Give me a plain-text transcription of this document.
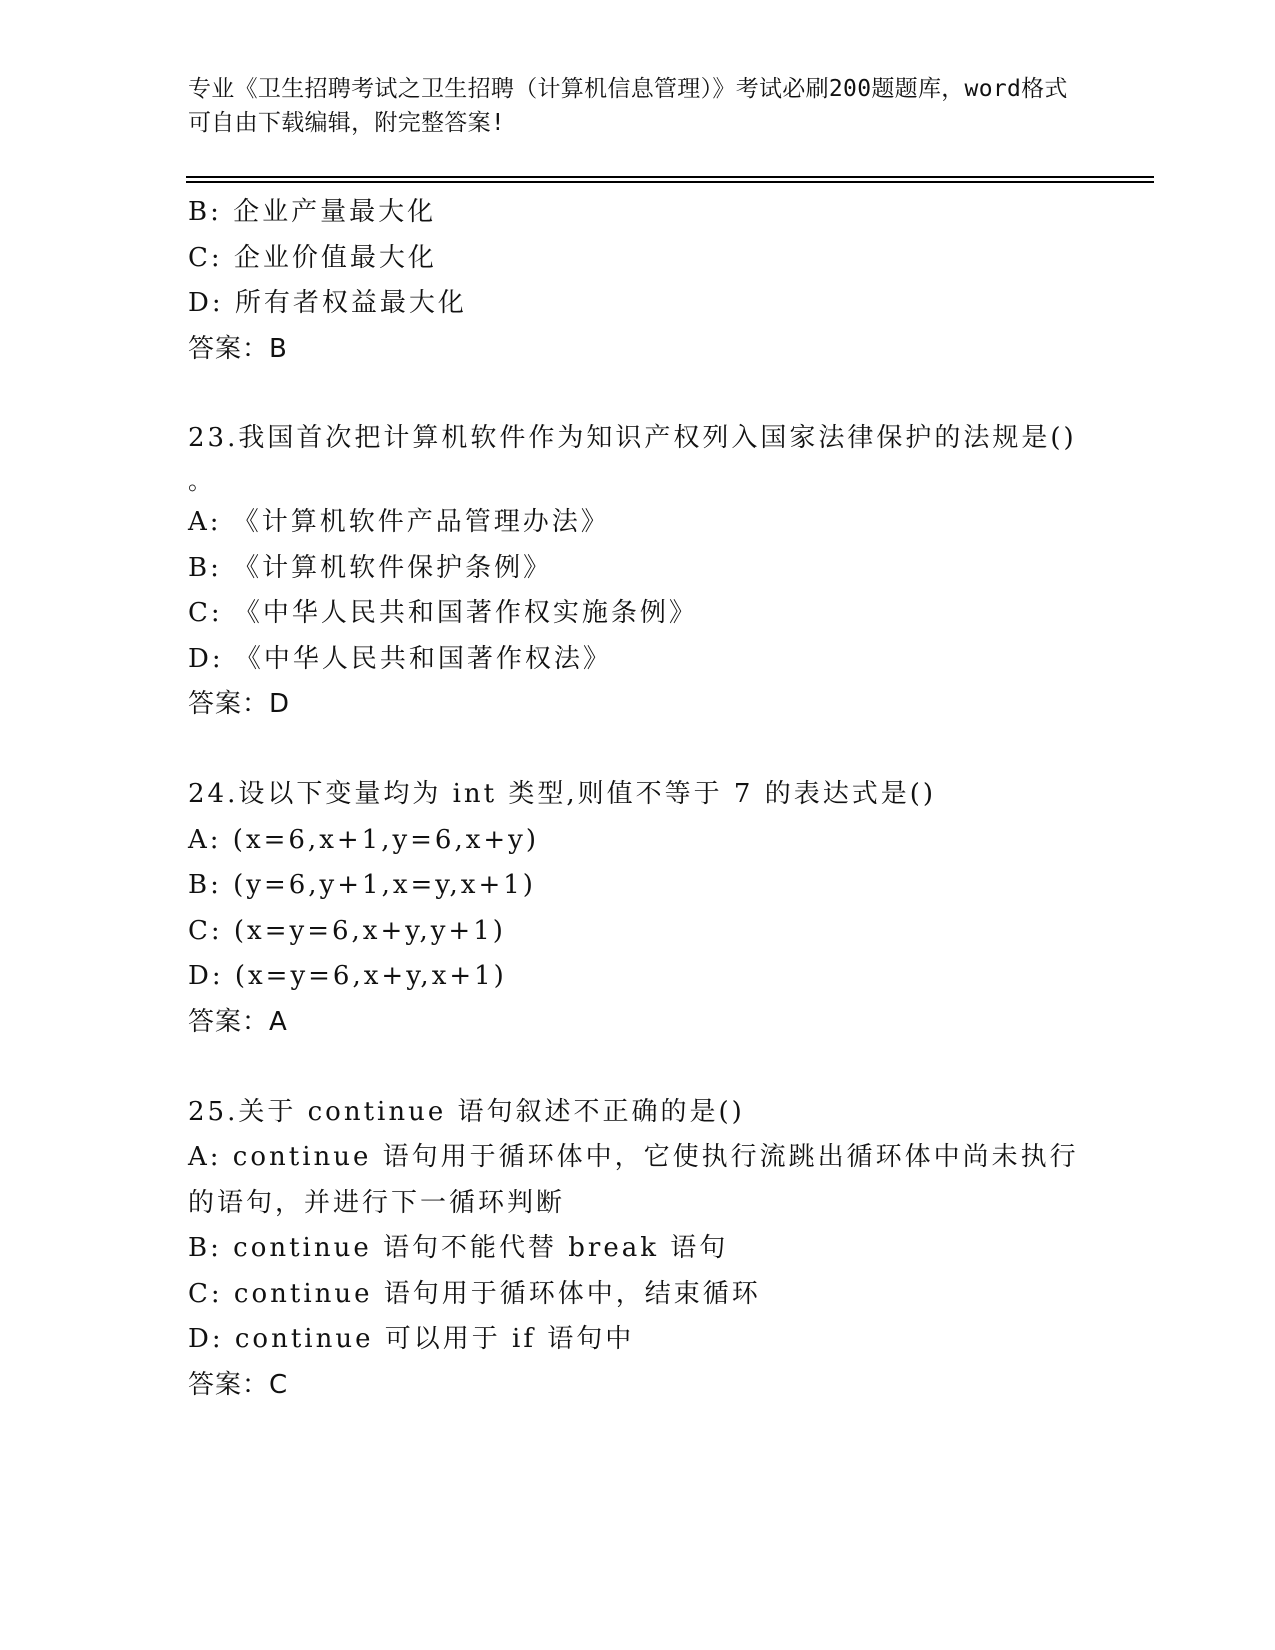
专业《卫生招聘考试之卫生招聘（计算机信息管理）》考试必刷200题题库，word格式可自由下载编辑，附完整答案!
B: 企业产量最大化
C: 企业价值最大化
D: 所有者权益最大化
答案：B
23.我国首次把计算机软件作为知识产权列入国家法律保护的法规是()
。
A: 《计算机软件产品管理办法》
B: 《计算机软件保护条例》
C: 《中华人民共和国著作权实施条例》
D: 《中华人民共和国著作权法》
答案：D
24.设以下变量均为 int 类型,则值不等于 7 的表达式是()
A: (x=6,x+1,y=6,x+y)
B: (y=6,y+1,x=y,x+1)
C: (x=y=6,x+y,y+1)
D: (x=y=6,x+y,x+1)
答案：A
25.关于 continue 语句叙述不正确的是()
A: continue 语句用于循环体中，它使执行流跳出循环体中尚未执行的语句，并进行下一循环判断
B: continue 语句不能代替 break 语句
C: continue 语句用于循环体中，结束循环
D: continue 可以用于 if 语句中
答案：C
